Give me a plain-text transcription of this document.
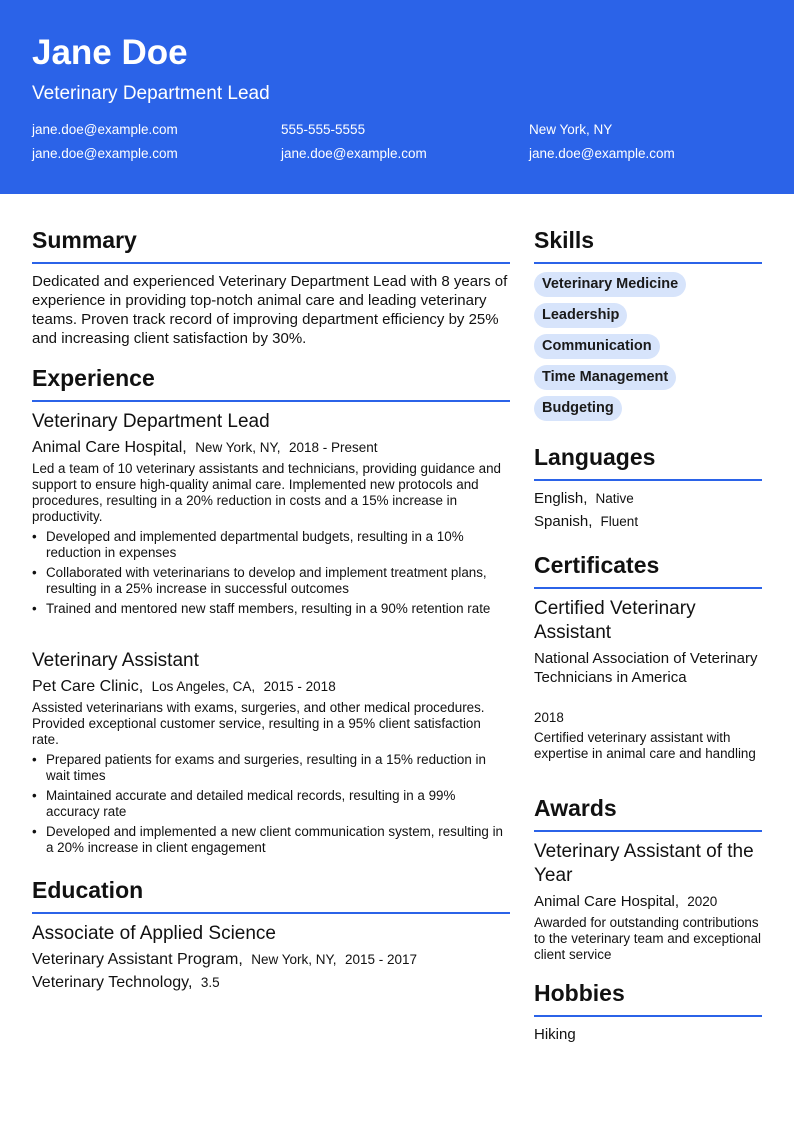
Jane Doe
Veterinary Department Lead
jane.doe@example.com	555-555-5555	New York, NY
jane.doe@example.com	jane.doe@example.com	jane.doe@example.com
Summary
Dedicated and experienced Veterinary Department Lead with 8 years of experience in providing top-notch animal care and leading veterinary teams. Proven track record of improving department efficiency by 25% and increasing client satisfaction by 30%.
Experience
Veterinary Department Lead
Animal Care Hospital, New York, NY, 2018 - Present
Led a team of 10 veterinary assistants and technicians, providing guidance and support to ensure high-quality animal care. Implemented new protocols and procedures, resulting in a 20% reduction in costs and a 15% increase in productivity.
• Developed and implemented departmental budgets, resulting in a 10% reduction in expenses
• Collaborated with veterinarians to develop and implement treatment plans, resulting in a 25% increase in successful outcomes
• Trained and mentored new staff members, resulting in a 90% retention rate
Veterinary Assistant
Pet Care Clinic, Los Angeles, CA, 2015 - 2018
Assisted veterinarians with exams, surgeries, and other medical procedures. Provided exceptional customer service, resulting in a 95% client satisfaction rate.
• Prepared patients for exams and surgeries, resulting in a 15% reduction in wait times
• Maintained accurate and detailed medical records, resulting in a 99% accuracy rate
• Developed and implemented a new client communication system, resulting in a 20% increase in client engagement
Education
Associate of Applied Science
Veterinary Assistant Program, New York, NY, 2015 - 2017
Veterinary Technology, 3.5
Skills
Veterinary Medicine
Leadership
Communication
Time Management
Budgeting
Languages
English, Native
Spanish, Fluent
Certificates
Certified Veterinary Assistant
National Association of Veterinary Technicians in America
2018
Certified veterinary assistant with expertise in animal care and handling
Awards
Veterinary Assistant of the Year
Animal Care Hospital, 2020
Awarded for outstanding contributions to the veterinary team and exceptional client service
Hobbies
Hiking
